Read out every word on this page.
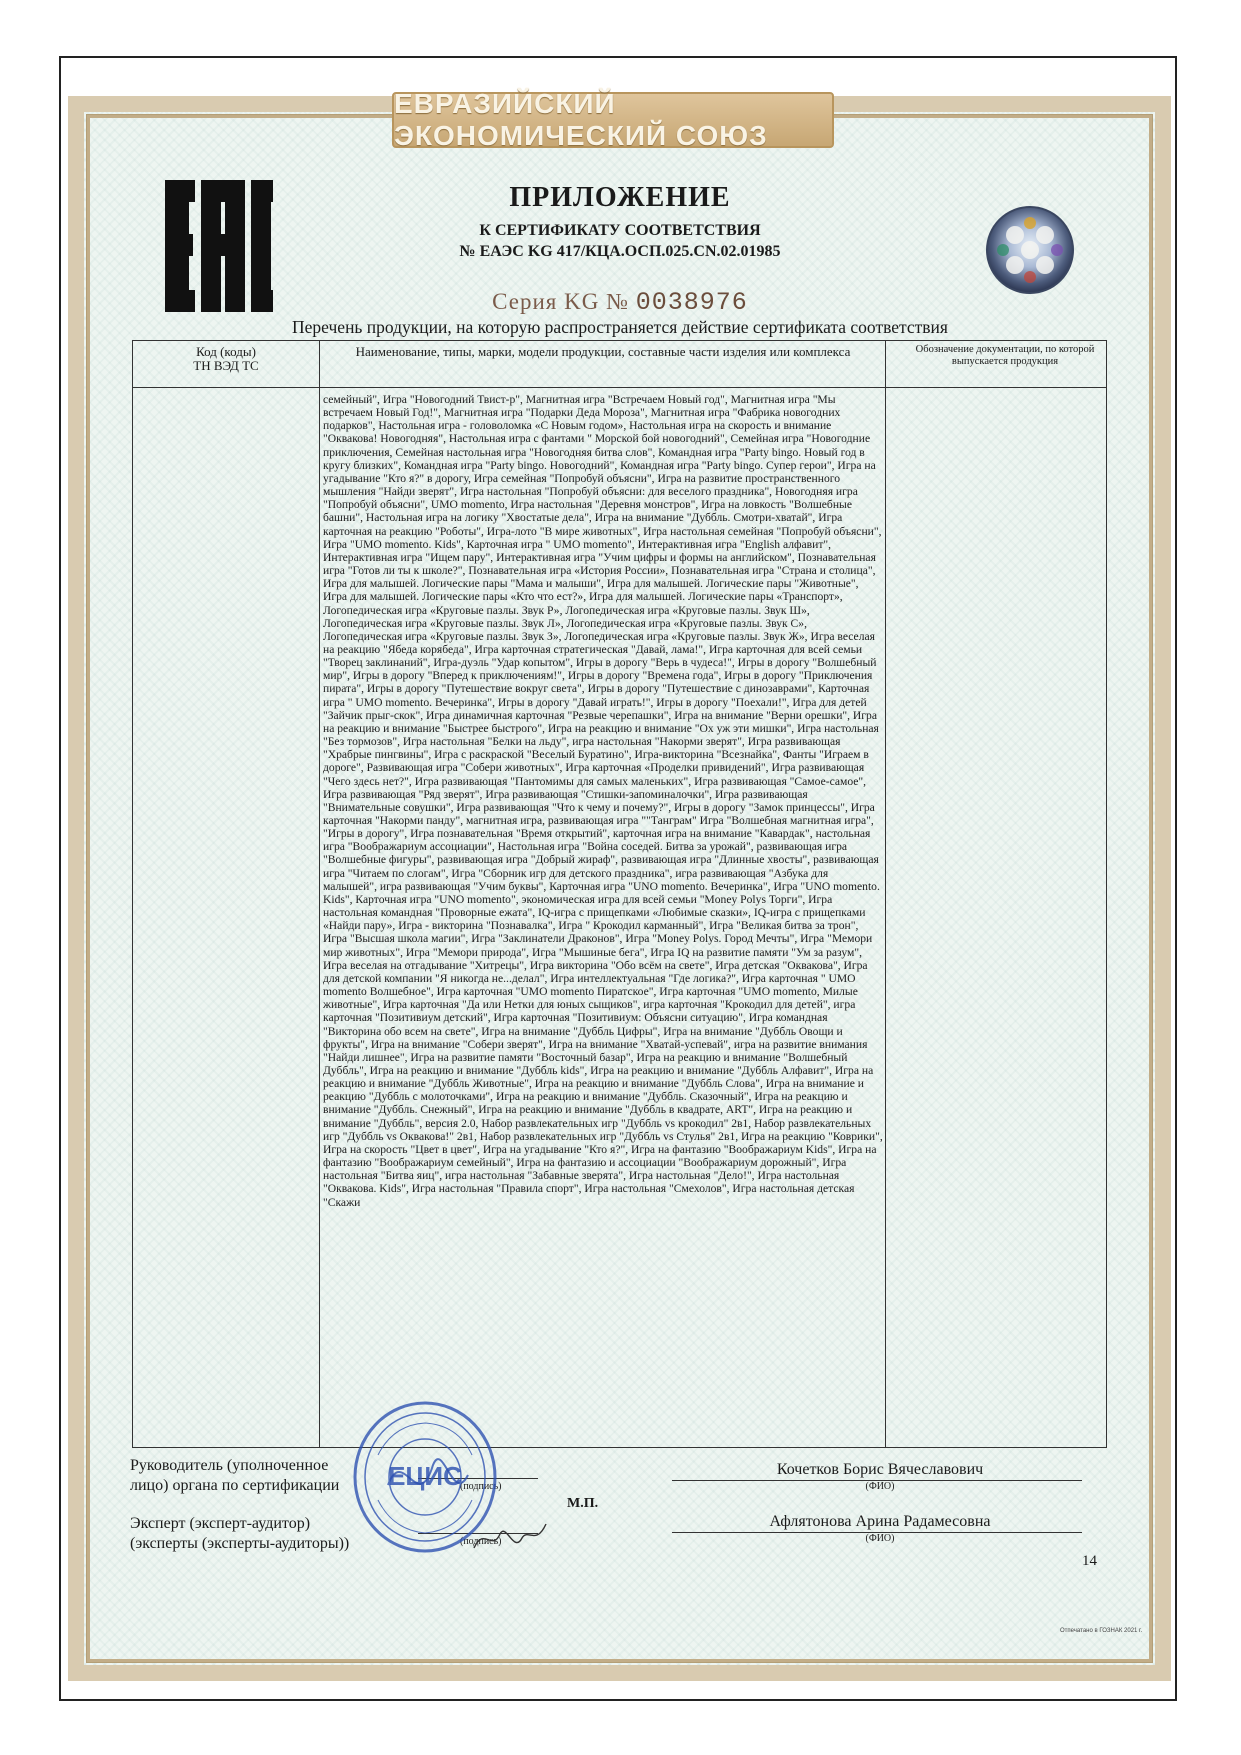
ЕВРАЗИЙСКИЙ ЭКОНОМИЧЕСКИЙ СОЮЗ
ПРИЛОЖЕНИЕ
К СЕРТИФИКАТУ СООТВЕТСТВИЯ
№ ЕАЭС KG 417/КЦА.ОСП.025.CN.02.01985
Серия KG № 0038976
Перечень продукции, на которую распространяется действие сертификата соответствия
Код (коды)
ТН ВЭД ТС
Наименование, типы, марки, модели продукции, составные части изделия или комплекса	Обозначение документации, по которой выпускается продукция
семейный", Игра "Новогодний Твист-р", Магнитная игра "Встречаем Новый год", Магнитная игра "Мы встречаем Новый Год!", Магнитная игра "Подарки Деда Мороза", Магнитная игра "Фабрика новогодних подарков", Настольная игра - головоломка «С Новым годом», Настольная игра на скорость и внимание "Оквакова! Новогодняя", Настольная игра с фантами " Морской бой новогодний", Семейная игра "Новогодние приключения, Семейная настольная игра "Новогодняя битва слов", Командная игра "Party bingo. Новый год в кругу близких", Командная игра "Party bingo. Новогодний", Командная игра "Party bingo. Супер герои", Игра на угадывание "Кто я?" в дорогу, Игра семейная "Попробуй объясни", Игра на развитие пространственного мышления "Найди зверят", Игра настольная "Попробуй объясни: для веселого праздника", Новогодняя игра "Попробуй объясни", UMO momento, Игра настольная "Деревня монстров", Игра на ловкость "Волшебные башни", Настольная игра на логику "Хвостатые дела", Игра на внимание "Дуббль. Смотри-хватай", Игра карточная на реакцию "Роботы", Игра-лото "В мире животных", Игра настольная семейная "Попробуй объясни", Игра "UMO momento. Kids", Карточная игра " UMO momento", Интерактивная игра "English алфавит", Интерактивная игра "Ищем пару", Интерактивная игра "Учим цифры и формы на английском", Познавательная игра "Готов ли ты к школе?", Познавательная игра «История России», Познавательная игра "Страна и столица", Игра для малышей. Логические пары "Мама и малыши", Игра для малышей. Логические пары "Животные", Игра для малышей. Логические пары «Кто что ест?», Игра для малышей. Логические пары «Транспорт», Логопедическая игра «Круговые пазлы. Звук Р», Логопедическая игра «Круговые пазлы. Звук Ш», Логопедическая игра «Круговые пазлы. Звук Л», Логопедическая игра «Круговые пазлы. Звук С», Логопедическая игра «Круговые пазлы. Звук З», Логопедическая игра «Круговые пазлы. Звук Ж», Игра веселая на реакцию "Ябеда корябеда", Игра карточная стратегическая "Давай, лама!", Игра карточная для всей семьи "Творец заклинаний", Игра-дуэль "Удар копытом", Игры в дорогу "Верь в чудеса!", Игры в дорогу "Волшебный мир", Игры в дорогу "Вперед к приключениям!", Игры в дорогу "Времена года", Игры в дорогу "Приключения пирата", Игры в дорогу "Путешествие вокруг света", Игры в дорогу "Путешествие с динозаврами", Карточная игра " UMO momento. Вечеринка", Игры в дорогу "Давай играть!", Игры в дорогу "Поехали!", Игра для детей "Зайчик прыг-скок", Игра динамичная карточная "Резвые черепашки", Игра на внимание "Верни орешки", Игра на реакцию и внимание "Быстрее быстрого", Игра на реакцию и внимание "Ох уж эти мишки", Игра настольная "Без тормозов", Игра настольная "Белки на льду", игра настольная "Накорми зверят", Игра развивающая "Храбрые пингвины", Игра с раскраской "Веселый Буратино", Игра-викторина "Всезнайка", Фанты "Играем в дороге", Развивающая игра "Собери животных", Игра карточная «Проделки привидений", Игра развивающая "Чего здесь нет?", Игра развивающая "Пантомимы для самых маленьких", Игра развивающая "Самое-самое", Игра развивающая "Ряд зверят", Игра развивающая "Стишки-запоминалочки", Игра развивающая "Внимательные совушки", Игра развивающая "Что к чему и почему?", Игры в дорогу "Замок принцессы", Игра карточная "Накорми панду", магнитная игра, развивающая игра ""Танграм" Игра "Волшебная магнитная игра", "Игры в дорогу", Игра познавательная "Время открытий", карточная игра на внимание "Кавардак", настольная игра "Воображариум ассоциации", Настольная игра "Война соседей. Битва за урожай", развивающая игра "Волшебные фигуры", развивающая игра "Добрый жираф", развивающая игра "Длинные хвосты", развивающая игра "Читаем по слогам", Игра "Сборник игр для детского праздника", игра развивающая "Азбука для малышей", игра развивающая "Учим буквы", Карточная игра "UNO momento. Вечеринка", Игра "UNO momento. Kids", Карточная игра "UNO momento", экономическая игра для всей семьи "Money Polys Торги", Игра настольная командная "Проворные ежата", IQ-игра с прищепками «Любимые сказки», IQ-игра с прищепками «Найди пару», Игра - викторина "Познавалка", Игра " Крокодил карманный", Игра "Великая битва за трон", Игра "Высшая школа магии", Игра "Заклинатели Драконов", Игра "Money Polys. Город Мечты", Игра "Мемори мир животных", Игра "Мемори природа", Игра "Мышиные бега", Игра IQ на развитие памяти "Ум за разум", Игра веселая на отгадывание "Хитрецы", Игра викторина "Обо всём на свете", Игра детская "Оквакова", Игра для детской компании "Я никогда не...делал", Игра интеллектуальная "Где логика?", Игра карточная " UMO momento Волшебное", Игра карточная "UMO momento Пиратское", Игра карточная "UMO momento, Милые животные", Игра карточная "Да или Нетки для юных сыщиков", игра карточная "Крокодил для детей", игра карточная "Позитивиум детский", Игра карточная "Позитивиум: Объясни ситуацию", Игра командная "Викторина обо всем на свете", Игра на внимание "Дуббль Цифры", Игра на внимание "Дуббль Овощи и фрукты", Игра на внимание "Собери зверят", Игра на внимание "Хватай-успевай", игра на развитие внимания "Найди лишнее", Игра на развитие памяти "Восточный базар", Игра на реакцию и внимание "Волшебный Дуббль", Игра на реакцию и внимание "Дуббль kids", Игра на реакцию и внимание "Дуббль Алфавит", Игра на реакцию и внимание "Дуббль Животные", Игра на реакцию и внимание "Дуббль Слова", Игра на внимание и реакцию "Дуббль с молоточками", Игра на реакцию и внимание "Дуббль. Сказочный", Игра на реакцию и внимание "Дуббль. Снежный", Игра на реакцию и внимание "Дуббль в квадрате, ART", Игра на реакцию и внимание "Дуббль", версия 2.0, Набор развлекательных игр "Дуббль vs крокодил" 2в1, Набор развлекательных игр "Дуббль vs Оквакова!" 2в1, Набор развлекательных игр "Дуббль vs Стулья" 2в1, Игра на реакцию "Коврики", Игра на скорость "Цвет в цвет", Игра на угадывание "Кто я?", Игра на фантазию "Воображариум Kids", Игра на фантазию "Воображариум семейный", Игра на фантазию и ассоциации "Воображариум дорожный", Игра настольная "Битва яиц", игра настольная "Забавные зверята", Игра настольная "Дело!", Игра настольная "Оквакова. Kids", Игра настольная "Правила спорт", Игра настольная "Смехолов", Игра настольная детская "Скажи
Руководитель (уполноченное
лицо) органа по сертификации
Эксперт (эксперт-аудитор)
(эксперты (эксперты-аудиторы))
(подпись)
(подпись)
М.П.
Кочетков Борис Вячеславович
(ФИО)
Афлятонова Арина Радамесовна
(ФИО)
ЕЦИС
14
Отпечатано в ГОЗНАК 2021 г.
